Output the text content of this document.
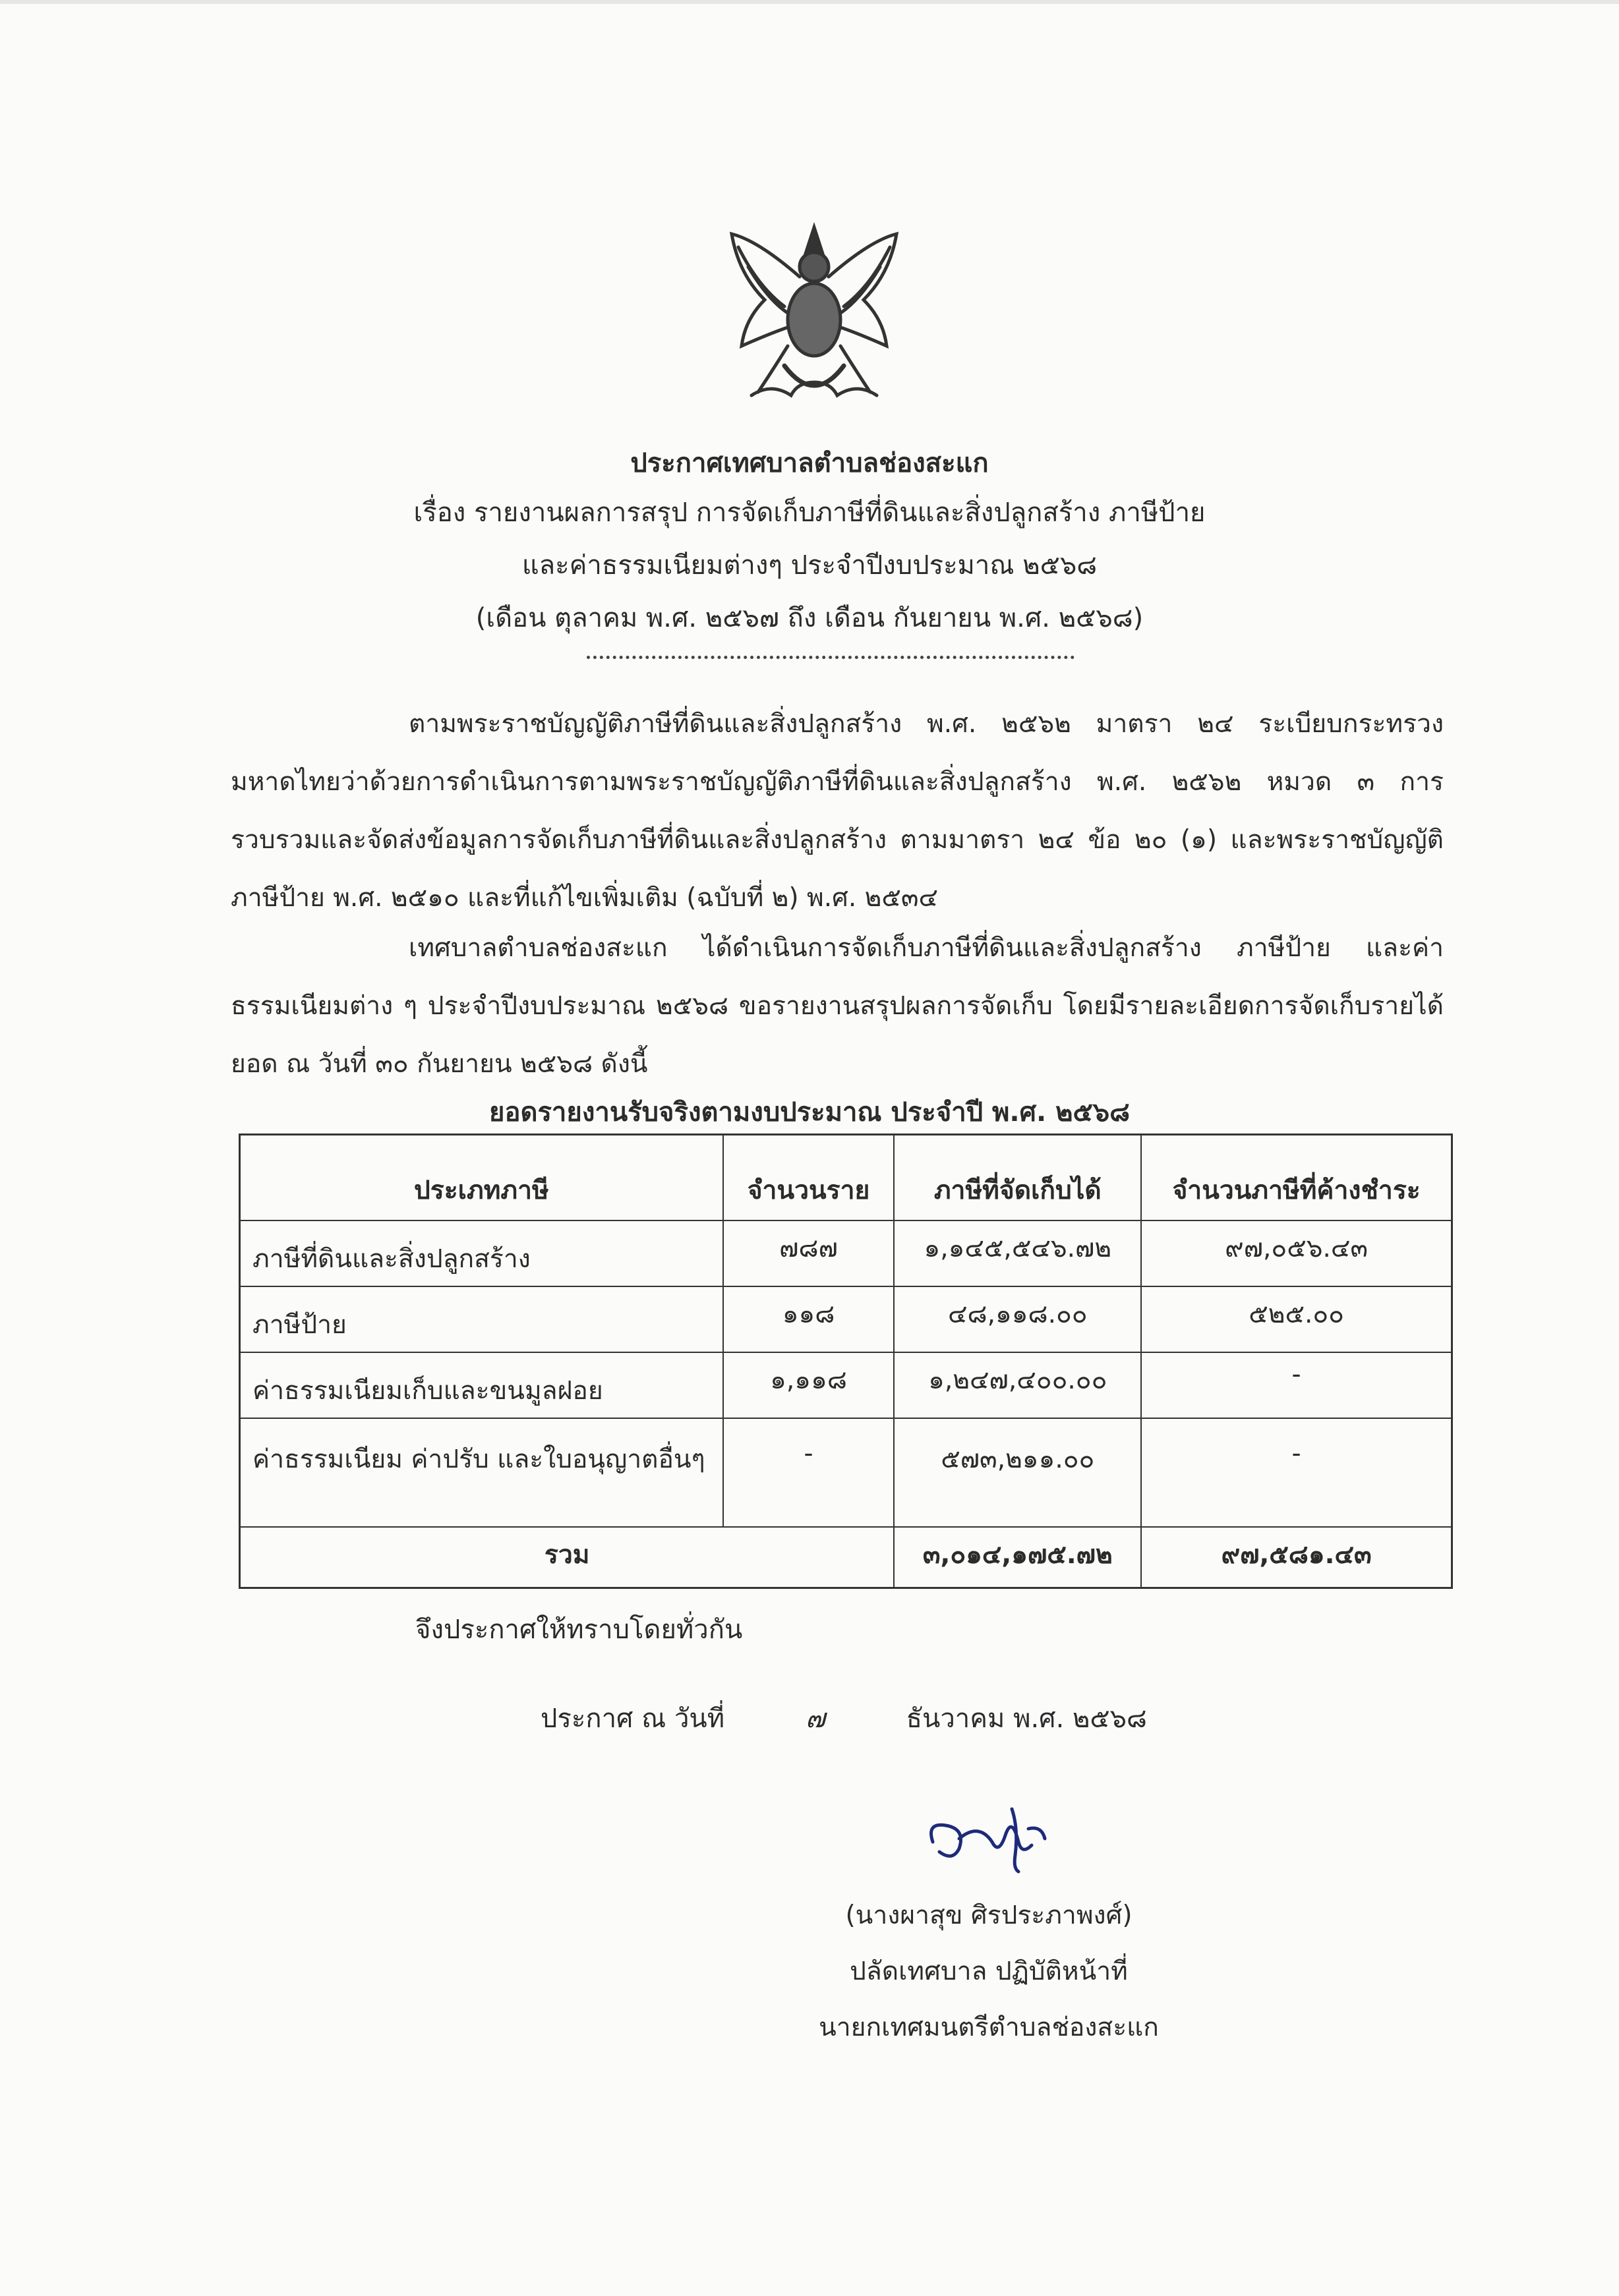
ประกาศเทศบาลตำบลช่องสะแก
เรื่อง รายงานผลการสรุป การจัดเก็บภาษีที่ดินและสิ่งปลูกสร้าง ภาษีป้าย
และค่าธรรมเนียมต่างๆ ประจำปีงบประมาณ ๒๕๖๘
(เดือน ตุลาคม พ.ศ. ๒๕๖๗ ถึง เดือน กันยายน พ.ศ. ๒๕๖๘)
ตามพระราชบัญญัติภาษีที่ดินและสิ่งปลูกสร้าง พ.ศ. ๒๕๖๒ มาตรา ๒๔ ระเบียบกระทรวงมหาดไทยว่าด้วยการดำเนินการตามพระราชบัญญัติภาษีที่ดินและสิ่งปลูกสร้าง พ.ศ. ๒๕๖๒ หมวด ๓ การรวบรวมและจัดส่งข้อมูลการจัดเก็บภาษีที่ดินและสิ่งปลูกสร้าง ตามมาตรา ๒๔ ข้อ ๒๐ (๑) และพระราชบัญญัติภาษีป้าย พ.ศ. ๒๕๑๐ และที่แก้ไขเพิ่มเติม (ฉบับที่ ๒) พ.ศ. ๒๕๓๔
เทศบาลตำบลช่องสะแก ได้ดำเนินการจัดเก็บภาษีที่ดินและสิ่งปลูกสร้าง ภาษีป้าย และค่าธรรมเนียมต่าง ๆ ประจำปีงบประมาณ ๒๕๖๘ ขอรายงานสรุปผลการจัดเก็บ โดยมีรายละเอียดการจัดเก็บรายได้ยอด ณ วันที่ ๓๐ กันยายน ๒๕๖๘ ดังนี้
ยอดรายงานรับจริงตามงบประมาณ ประจำปี พ.ศ. ๒๕๖๘
ประเภทภาษี	จำนวนราย	ภาษีที่จัดเก็บได้	จำนวนภาษีที่ค้างชำระ
ภาษีที่ดินและสิ่งปลูกสร้าง	๗๘๗	๑,๑๔๕,๕๔๖.๗๒	๙๗,๐๕๖.๔๓
ภาษีป้าย	๑๑๘	๔๘,๑๑๘.๐๐	๕๒๕.๐๐
ค่าธรรมเนียมเก็บและขนมูลฝอย	๑,๑๑๘	๑,๒๔๗,๔๐๐.๐๐	-
ค่าธรรมเนียม ค่าปรับ และใบอนุญาตอื่นๆ	-	๕๗๓,๒๑๑.๐๐	-
รวม		๓,๐๑๔,๑๗๕.๗๒	๙๗,๕๘๑.๔๓
จึงประกาศให้ทราบโดยทั่วกัน
ประกาศ ณ วันที่	๗	ธันวาคม พ.ศ. ๒๕๖๘
(นางผาสุข ศิรประภาพงศ์)
ปลัดเทศบาล ปฏิบัติหน้าที่
นายกเทศมนตรีตำบลช่องสะแก
